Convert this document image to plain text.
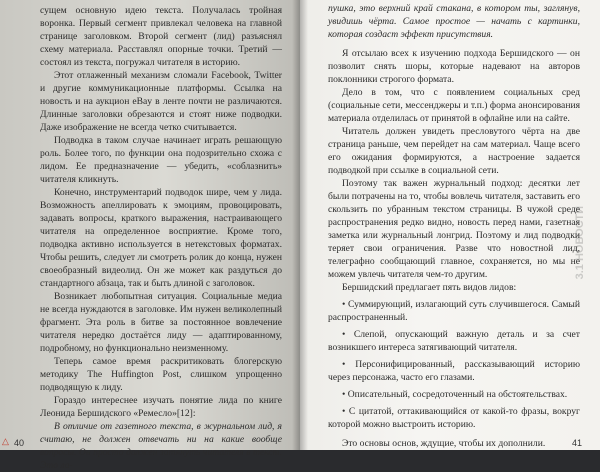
сущем основную идею текста. Получалась тройная воронка. Первый сегмент привлекал человека на главной странице заголовком. Второй сегмент (лид) разъяснял схему материала. Расставлял опорные точки. Третий — состоял из текста, погружал читателя в историю.

Этот отлаженный механизм сломали Facebook, Twitter и другие коммуникационные платформы. Ссылка на новость и на аукцион eBay в ленте почти не различаются. Длинные заголовки обрезаются и стоят ниже подводки. Даже изображение не всегда четко считывается.

Подводка в таком случае начинает играть решающую роль. Более того, по функции она подозрительно схожа с лидом. Ее предназначение — убедить, «соблазнить» читателя кликнуть.

Конечно, инструментарий подводок шире, чем у лида. Возможность апеллировать к эмоциям, провоцировать, задавать вопросы, краткого выражения, настраивающего читателя на определенное восприятие. Кроме того, подводка активно используется в нетекстовых форматах. Чтобы решить, следует ли смотреть ролик до конца, нужен своеобразный видеолид. Он же может как раздуться до стандартного абзаца, так и быть длиной с заголовок.

Возникает любопытная ситуация. Социальные медиа не всегда нуждаются в заголовке. Им нужен великолепный фрагмент. Эта роль в битве за постоянное вовлечение читателя нередко достаётся лиду — адаптированному, подробному, но функционально неизменному.

Теперь самое время раскритиковать блогерскую методику The Huffington Post, слишком упрощенно подводящую к лиду.

Гораздо интереснее изучать понятие лида по книге Леонида Бершидского «Ремесло»[12]:

В отличие от газетного текста, в журнальном лид, я считаю, не должен отвечать ни на какие вообще вопросы. Он просто должен затянуть читателя в текст. Это ла-

△ 40

пушка, это верхний край стакана, в котором ты, заглянув, увидишь чёрта. Самое простое — начать с картинки, которая создаст эффект присутствия.

Я отсылаю всех к изучению подхода Бершидского — он позволит снять шоры, которые надевают на авторов поклонники строгого формата.

Дело в том, что с появлением социальных сред (социальные сети, мессенджеры и т.п.) форма анонсирования материала отделилась от принятой в офлайне или на сайте.

Читатель должен увидеть пресловутого чёрта на две страница раньше, чем перейдет на сам материал. Чаще всего его ожидания формируются, а настроение задается подводкой при ссылке в социальной сети.

Поэтому так важен журнальный подход: десятки лет были потрачены на то, чтобы вовлечь читателя, заставить его скользить по убранным текстом страницы. В чужой среде распространения редко видно, новость перед нами, газетная заметка или журнальный лонгрид. Поэтому и лид подводки теряет свои ограничения. Разве что новостной лид, телеграфно сообщающий главное, сохраняется, но мы не можем увлечь читателя чем-то другим.

Бершидский предлагает пять видов лидов:

• Суммирующий, излагающий суть случившегося. Самый распространенный.
• Слепой, опускающий важную деталь и за счет возникшего интереса затягивающий читателя.
• Персонифицированный, рассказывающий историю через персонажа, часто его глазами.
• Описательный, сосредоточенный на обстоятельствах.
• С цитатой, оттакивающийся от какой-то фразы, вокруг которой можно выстроить историю.

Это основы основ, ждущие, чтобы их дополнили.

3.1 НОВОСТИ
41
